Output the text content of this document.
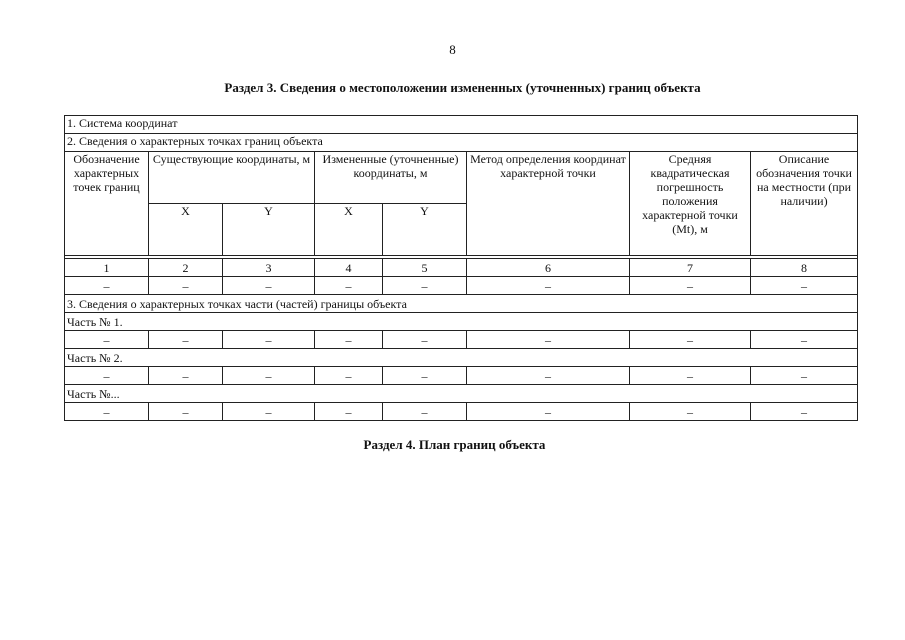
8
Раздел 3. Сведения о местоположении измененных (уточненных) границ объекта
1. Система координат							
2. Сведения о характерных точках границ объекта							
Обозначение характерных точек границ	Существующие координаты, м		Измененные (уточненные) координаты, м		Метод определения координат характерной точки	Средняя квадратическая погрешность положения характерной точки (Mt), м	Описание обозначения точки на местности (при наличии)
	X	Y	X	Y			

1	2	3	4	5	6	7	8
–	–	–	–	–	–	–	–
3. Сведения о характерных точках части (частей) границы объекта							
Часть № 1.							
–	–	–	–	–	–	–	–
Часть № 2.							
–	–	–	–	–	–	–	–
Часть №...							
–	–	–	–	–	–	–	–
Раздел 4. План границ объекта
